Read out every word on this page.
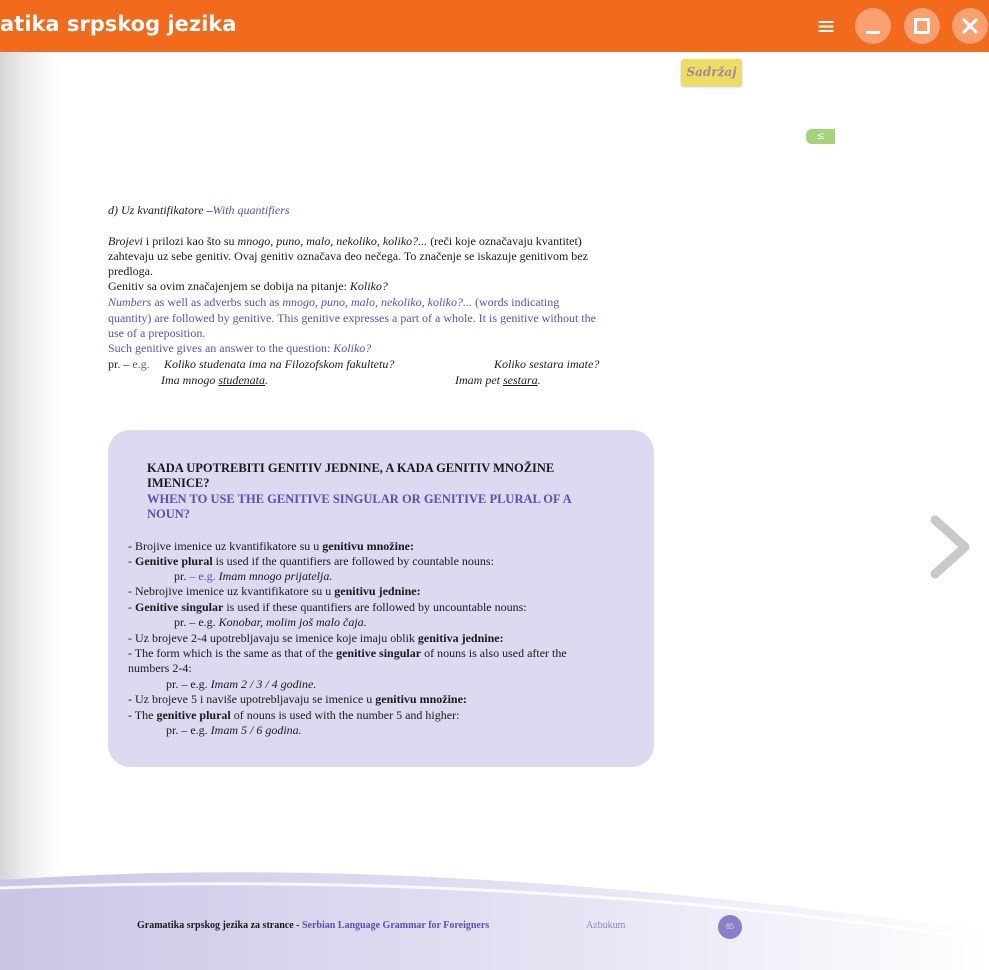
atika srpskog jezika	≡
Sadržaj
≤
d) Uz kvantifikatore –With quantifiers
Brojevi i prilozi kao što su mnogo, puno, malo, nekoliko, koliko?... (reči koje označavaju kvantitet)
zahtevaju uz sebe genitiv. Ovaj genitiv označava deo nečega. To značenje se iskazuje genitivom bez
predloga.
Genitiv sa ovim značajenjem se dobija na pitanje: Koliko?
Numbers as well as adverbs such as mnogo, puno, malo, nekoliko, koliko?... (words indicating
quantity) are followed by genitive. This genitive expresses a part of a whole. It is genitive without the
use of a preposition.
Such genitive gives an answer to the question: Koliko?
pr. – e.g. Koliko studenata ima na Filozofskom fakultetu?	Koliko sestara imate?
Ima mnogo studenata.	Imam pet sestara.
KADA UPOTREBITI GENITIV JEDNINE, A KADA GENITIV MNOŽINE
IMENICE?
WHEN TO USE THE GENITIVE SINGULAR OR GENITIVE PLURAL OF A
NOUN?
- Brojive imenice uz kvantifikatore su u genitivu množine:
- Genitive plural is used if the quantifiers are followed by countable nouns:
pr. – e.g. Imam mnogo prijatelja.
- Nebrojive imenice uz kvantifikatore su u genitivu jednine:
- Genitive singular is used if these quantifiers are followed by uncountable nouns:
pr. – e.g. Konobar, molim još malo čaja.
- Uz brojeve 2-4 upotrebljavaju se imenice koje imaju oblik genitiva jednine:
- The form which is the same as that of the genitive singular of nouns is also used after the
numbers 2-4:
pr. – e.g. Imam 2 / 3 / 4 godine.
- Uz brojeve 5 i naviše upotrebljavaju se imenice u genitivu množine:
- The genitive plural of nouns is used with the number 5 and higher:
pr. – e.g. Imam 5 / 6 godina.
Gramatika srpskog jezika za strance - Serbian Language Grammar for Foreigners	Azbukum	85
